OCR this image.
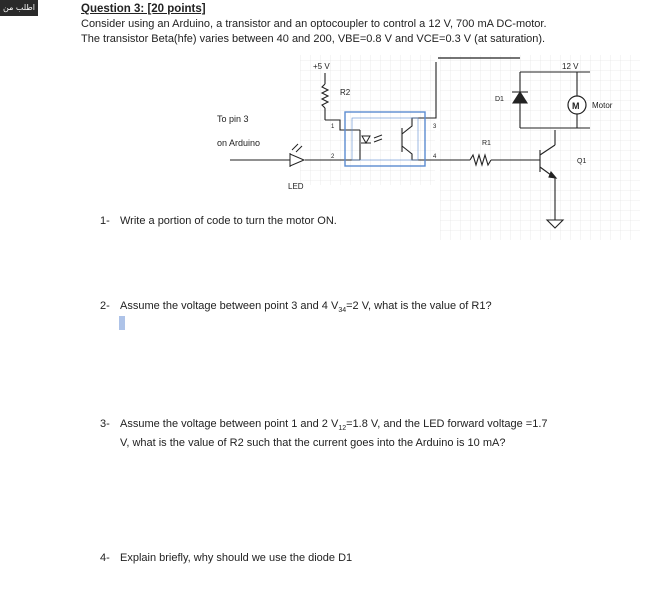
اطلب من	Question 3: [20 points]
Consider using an Arduino, a transistor and an optocoupler to control a 12 V, 700 mA DC-motor.
The transistor Beta(hfe) varies between 40 and 200, VBE=0.8 V and VCE=0.3 V (at saturation).
+5 V	12 V
R2
D1
R1
Q1
Motor
To pin 3
on Arduino
LED
1
2
3
4
M
1- Write a portion of code to turn the motor ON.
2- Assume the voltage between point 3 and 4 $V_{34}=2$ V, what is the value of R1?
3- Assume the voltage between point 1 and 2 $V_{12}=1.8$ V, and the LED forward voltage =1.7
V, what is the value of R2 such that the current goes into the Arduino is 10 mA?
4- Explain briefly, why should we use the diode D1
